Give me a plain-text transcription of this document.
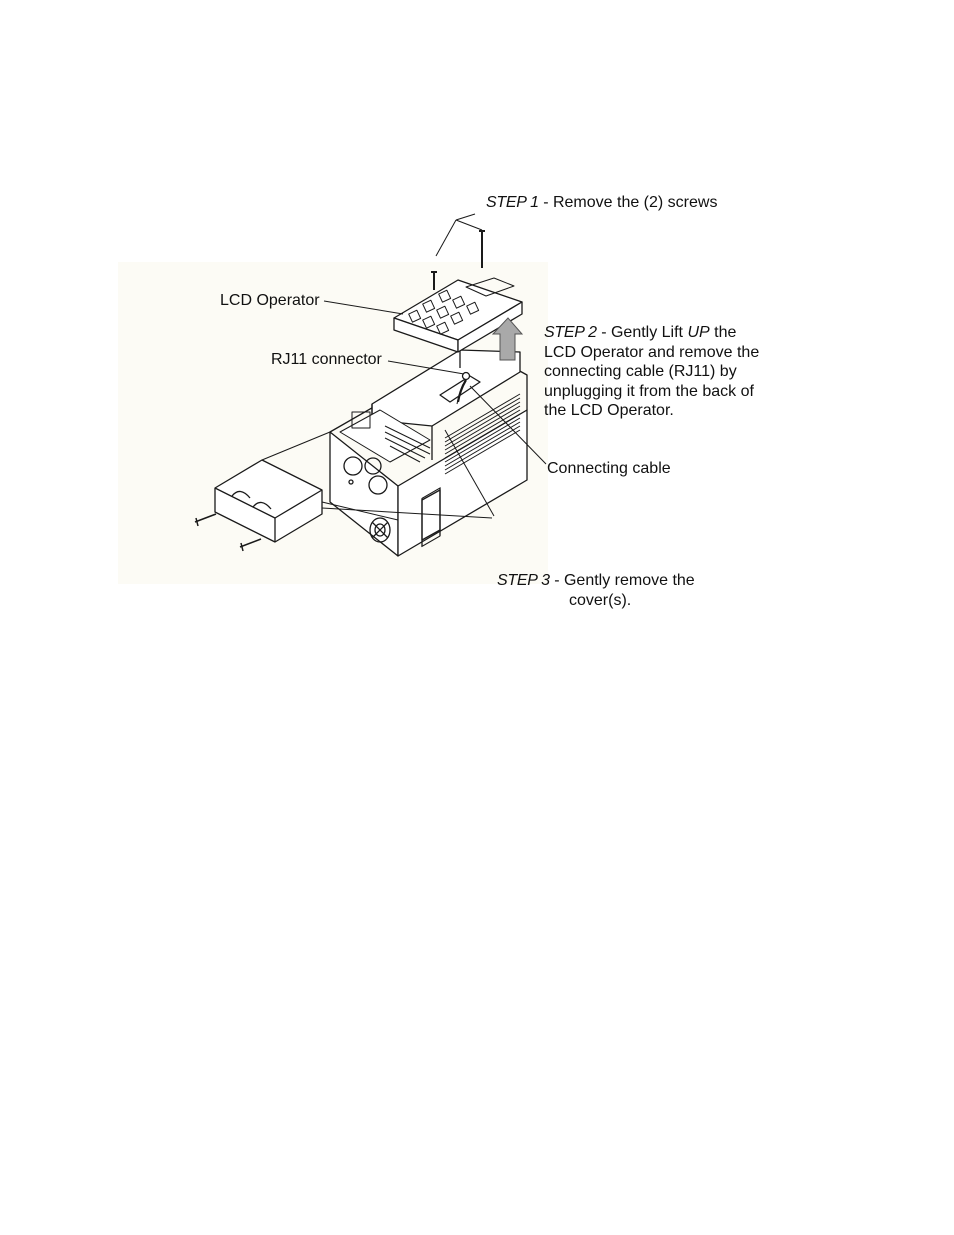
STEP 1 - Remove the (2) screws
LCD Operator
RJ11 connector
STEP 2 - Gently Lift UP the
LCD Operator and remove the
connecting cable (RJ11) by
unplugging it from the back of
the LCD Operator.
Connecting cable
STEP 3 - Gently remove the
cover(s).
